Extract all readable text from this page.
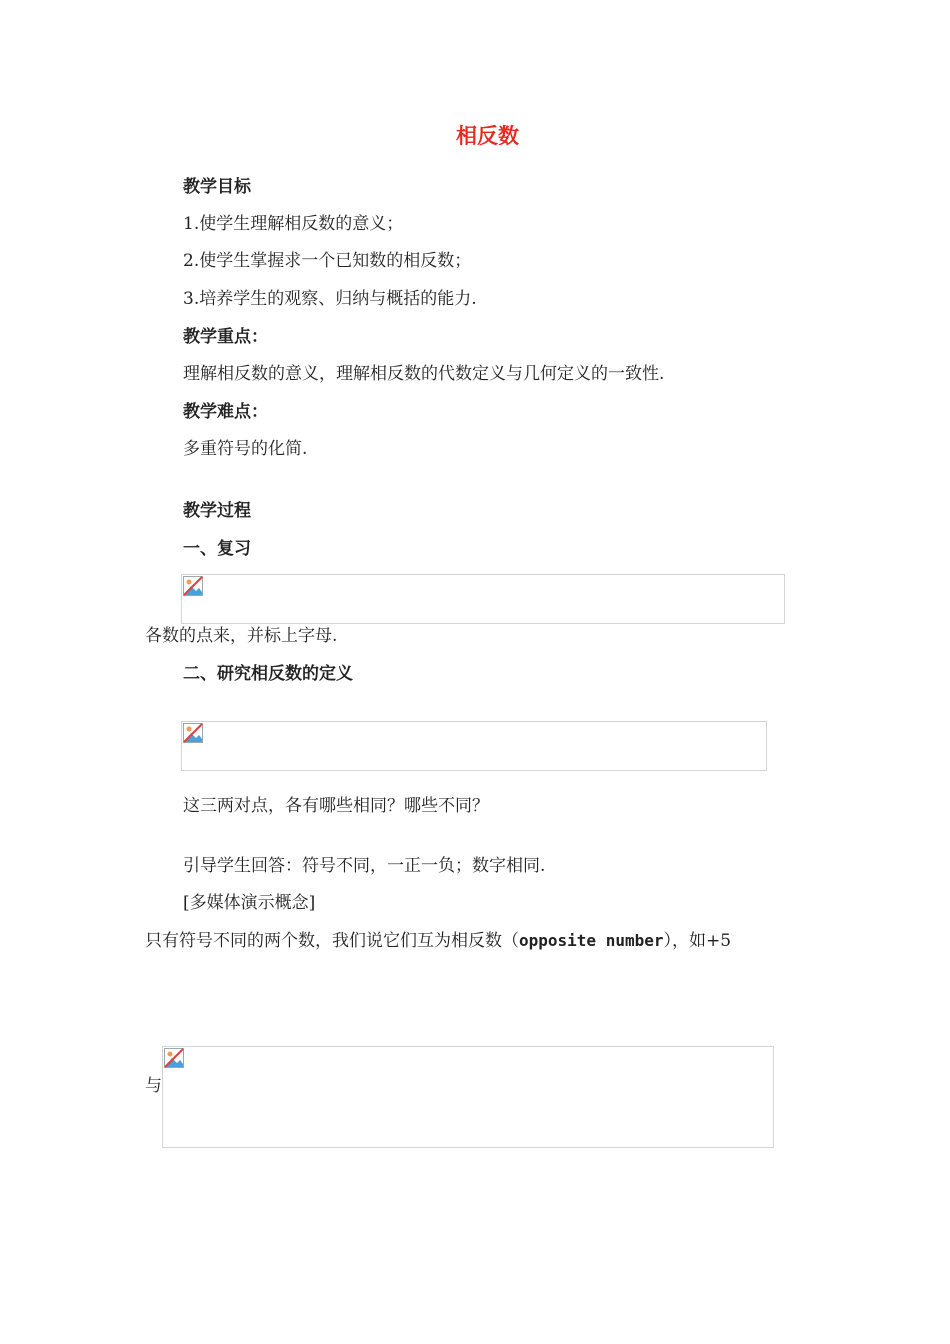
相反数

教学目标

1.使学生理解相反数的意义；

2.使学生掌握求一个已知数的相反数；

3.培养学生的观察、归纳与概括的能力.

教学重点：

理解相反数的意义，理解相反数的代数定义与几何定义的一致性.

教学难点：

多重符号的化简.

教学过程

一、复习

各数的点来，并标上字母.

二、研究相反数的定义

这三两对点，各有哪些相同？哪些不同？

引导学生回答：符号不同，一正一负；数字相同.

[多媒体演示概念]

只有符号不同的两个数，我们说它们互为相反数（opposite number），如+5

与
